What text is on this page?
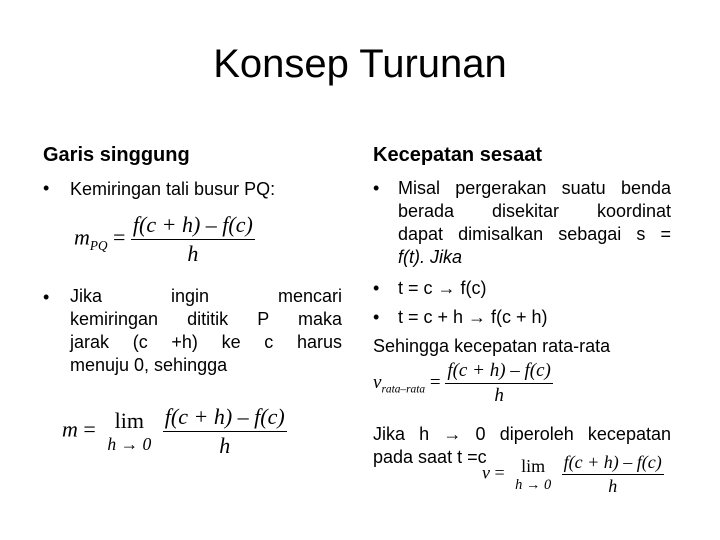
Konsep Turunan
Garis singgung
• Kemiringan tali busur PQ:
$m_{PQ} = \frac{f(c + h) - f(c)}{h}$
• Jika ingin mencari
kemiringan dititik P maka
jarak (c +h) ke c harus
menuju 0, sehingga
m = lim
h → 0
$\frac{f(c + h) - f(c)}{h}$
Kecepatan sesaat
• Misal pergerakan suatu benda
berada disekitar koordinat
dapat dimisalkan sebagai s =
f(t). Jika
• t = c → f(c)
• t = c + h → f(c + h)
Sehingga kecepatan rata-rata
$v_{rata-rata} = \frac{f(c + h) - f(c)}{h}$
Jika h → 0 diperoleh kecepatan
pada saat t =c
v = lim
h → 0
$\frac{f(c + h) - f(c)}{h}$
